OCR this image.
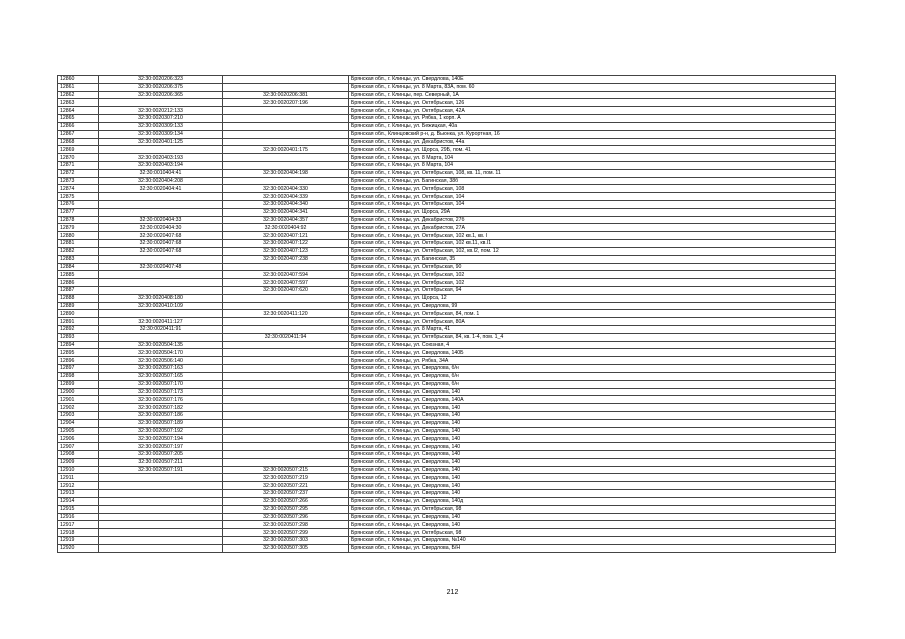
12860	32:30:0020206:323		Брянская обл., г. Клинцы, ул. Свердлова, 140Е
12861	32:30:0020206:375		Брянская обл., г. Клинцы, ул. 8 Марта, 83А, пом. 60
12862	32:30:0020206:365	32:30:0020206:381	Брянская обл., г. Клинцы, пер. Северный, 1А
12863		32:30:0020207:196	Брянская обл., г. Клинцы, ул. Октябрьская, 126
12864	32:30:0020212:133		Брянская обл., г. Клинцы, ул. Октябрьская, 42А
12865	32:30:0020307:210		Брянская обл., г. Клинцы, ул. Рябка, 1 корп. А
12866	32:30:0020309:133		Брянская обл., г. Клинцы, ул. Бежицкая, 40а
12867	32:30:0020309:134		Брянская обл., Клинцовский р-н, д. Вьюнка, ул. Курортная, 16
12868	32:30:0020401:125		Брянская обл., г. Клинцы, ул. Декабристов, 44а
12869		32:30:0020401:175	Брянская обл., г. Клинцы, ул. Щорса, 29Б, пом. 41
12870	32:30:0020403:193		Брянская обл., г. Клинцы, ул. 8 Марта, 104
12871	32:30:0020403:194		Брянская обл., г. Клинцы, ул. 8 Марта, 104
12872	32:30:0010404:41	32:30:0020404:198	Брянская обл., г. Клинцы, ул. Октябрьская, 108, кв. 11, пом. 11
12873	32:30:0020404:208		Брянская обл., г. Клинцы, ул. Багинская, 38б
12874	32:30:0020404:41	32:30:0020404:330	Брянская обл., г. Клинцы, ул. Октябрьская, 108
12875		32:30:0020404:339	Брянская обл., г. Клинцы, ул. Октябрьская, 104
12876		32:30:0020404:340	Брянская обл., г. Клинцы, ул. Октябрьская, 104
12877		32:30:0020404:341	Брянская обл., г. Клинцы, ул. Щорса, 29А
12878	32:30:0020404:33	32:30:0020404:357	Брянская обл., г. Клинцы, ул. Декабристов, 27б
12879	32:30:0020404:30	32:30:0020404:92	Брянская обл., г. Клинцы, ул. Декабристов, 27А
12880	32:30:0020407:68	32:30:0020407:121	Брянская обл., г. Клинцы, ул. Октябрьская, 102 кв.1, кв. I
12881	32:30:0020407:68	32:30:0020407:122	Брянская обл., г. Клинцы, ул. Октябрьская, 102 кв.11, кв.I1
12882	32:30:0020407:68	32:30:0020407:123	Брянская обл., г. Клинцы, ул. Октябрьская, 102, кв.I2, пом. 12
12883		32:30:0020407:238	Брянская обл., г. Клинцы, ул. Багинская, 35
12884	32:30:0020407:48		Брянская обл., г. Клинцы, ул. Октябрьская, 90
12885		32:30:0020407:594	Брянская обл., г. Клинцы, ул. Октябрьская, 102
12886		32:30:0020407:597	Брянская обл., г. Клинцы, ул. Октябрьская, 102
12887		32:30:0020407:620	Брянская обл., г. Клинцы, ул. Октябрьская, 94
12888	32:30:0020408:180		Брянская обл., г. Клинцы, ул. Щорса, 12
12889	32:30:0020410:109		Брянская обл., г. Клинцы, ул. Свердлова, 99
12890		32:30:0020411:120	Брянская обл., г. Клинцы, ул. Октябрьская, 84, пом. 1
12891	32:30:0020411:127		Брянская обл., г. Клинцы, ул. Октябрьская, 80А
12892	32:30:0020411:91		Брянская обл., г. Клинцы, ул. 8 Марта, 41
12893		32:30:0020411:94	Брянская обл., г. Клинцы, ул. Октябрьская, 84, кв. 1-4, пом. 1_4
12894	32:30:0020504:135		Брянская обл., г. Клинцы, ул. Союзная, 4
12895	32:30:0020504:170		Брянская обл., г. Клинцы, ул. Свердлова, 140Б
12896	32:30:0020506:140		Брянская обл., г. Клинцы, ул. Рябка, 34А
12897	32:30:0020507:163		Брянская обл., г. Клинцы, ул. Свердлова, б/н
12898	32:30:0020507:165		Брянская обл., г. Клинцы, ул. Свердлова, б/н
12899	32:30:0020507:170		Брянская обл., г. Клинцы, ул. Свердлова, б/н
12900	32:30:0020507:173		Брянская обл., г. Клинцы, ул. Свердлова, 140
12901	32:30:0020507:176		Брянская обл., г. Клинцы, ул. Свердлова, 140А
12902	32:30:0020507:182		Брянская обл., г. Клинцы, ул. Свердлова, 140
12903	32:30:0020507:186		Брянская обл., г. Клинцы, ул. Свердлова, 140
12904	32:30:0020507:189		Брянская обл., г. Клинцы, ул. Свердлова, 140
12905	32:30:0020507:192		Брянская обл., г. Клинцы, ул. Свердлова, 140
12906	32:30:0020507:194		Брянская обл., г. Клинцы, ул. Свердлова, 140
12907	32:30:0020507:197		Брянская обл., г. Клинцы, ул. Свердлова, 140
12908	32:30:0020507:205		Брянская обл., г. Клинцы, ул. Свердлова, 140
12909	32:30:0020507:211		Брянская обл., г. Клинцы, ул. Свердлова, 140
12910	32:30:0020507:191	32:30:0020507:215	Брянская обл., г. Клинцы, ул. Свердлова, 140
12911		32:30:0020507:219	Брянская обл., г. Клинцы, ул. Свердлова, 140
12912		32:30:0020507:221	Брянская обл., г. Клинцы, ул. Свердлова, 140
12913		32:30:0020507:237	Брянская обл., г. Клинцы, ул. Свердлова, 140
12914		32:30:0020507:266	Брянская обл., г. Клинцы, ул. Свердлова, 140д
12915		32:30:0020507:295	Брянская обл., г. Клинцы, ул. Октябрьская, 98
12916		32:30:0020507:296	Брянская обл., г. Клинцы, ул. Свердлова, 140
12917		32:30:0020507:298	Брянская обл., г. Клинцы, ул. Свердлова, 140
12918		32:30:0020507:299	Брянская обл., г. Клинцы, ул. Октябрьская, 98
12919		32:30:0020507:303	Брянская обл., г. Клинцы, ул. Свердлова, №140
12920		32:30:0020507:305	Брянская обл., г. Клинцы, ул. Свердлова, Б/Н
212
